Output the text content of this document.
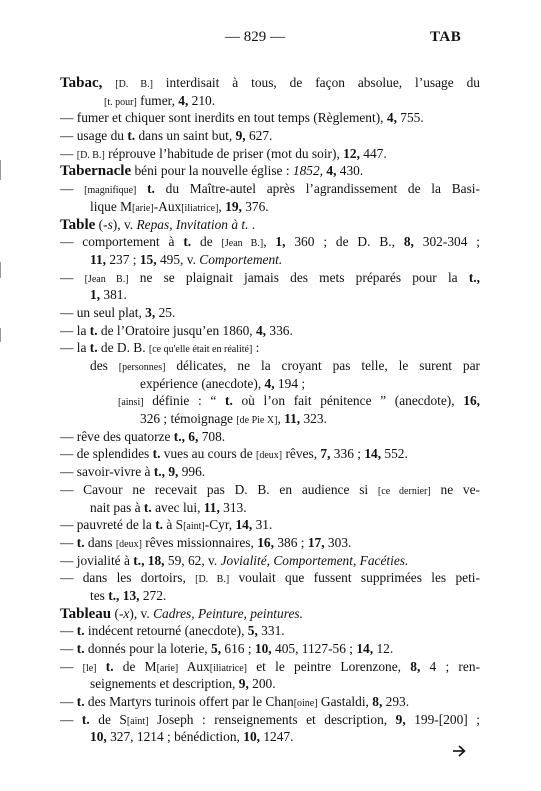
— 829 —	TAB
Tabac, [D. B.] interdisait à tous, de façon absolue, l’usage du
[t. pour] fumer, 4, 210.
— fumer et chiquer sont inerdits en tout temps (Règlement), 4, 755.
— usage du t. dans un saint but, 9, 627.
— [D. B.] réprouve l’habitude de priser (mot du soir), 12, 447.
Tabernacle béni pour la nouvelle église : 1852, 4, 430.
— [magnifique] t. du Maître-autel après l’agrandissement de la Basi-
lique M[arie]-Aux[iliatrice], 19, 376.
Table (-s), v. Repas, Invitation à t. .
— comportement à t. de [Jean B.], 1, 360 ; de D. B., 8, 302-304 ;
11, 237 ; 15, 495, v. Comportement.
— [Jean B.] ne se plaignait jamais des mets préparés pour la t.,
1, 381.
— un seul plat, 3, 25.
— la t. de l’Oratoire jusqu’en 1860, 4, 336.
— la t. de D. B. [ce qu'elle était en réalité] :
des [personnes] délicates, ne la croyant pas telle, le surent par
expérience (anecdote), 4, 194 ;
[ainsi] définie : “ t. où l’on fait pénitence ” (anecdote), 16,
326 ; témoignage [de Pie X], 11, 323.
— rêve des quatorze t., 6, 708.
— de splendides t. vues au cours de [deux] rêves, 7, 336 ; 14, 552.
— savoir-vivre à t., 9, 996.
— Cavour ne recevait pas D. B. en audience si [ce dernier] ne ve-
nait pas à t. avec lui, 11, 313.
— pauvreté de la t. à S[aint]-Cyr, 14, 31.
— t. dans [deux] rêves missionnaires, 16, 386 ; 17, 303.
— jovialité à t., 18, 59, 62, v. Jovialité, Comportement, Facéties.
— dans les dortoirs, [D. B.] voulait que fussent supprimées les peti-
tes t., 13, 272.
Tableau (-x), v. Cadres, Peinture, peintures.
— t. indécent retourné (anecdote), 5, 331.
— t. donnés pour la loterie, 5, 616 ; 10, 405, 1127-56 ; 14, 12.
— [le] t. de M[arie] Aux[iliatrice] et le peintre Lorenzone, 8, 4 ; ren-
seignements et description, 9, 200.
— t. des Martyrs turinois offert par le Chan[oine] Gastaldi, 8, 293.
— t. de S[aint] Joseph : renseignements et description, 9, 199-[200] ;
10, 327, 1214 ; bénédiction, 10, 1247.
